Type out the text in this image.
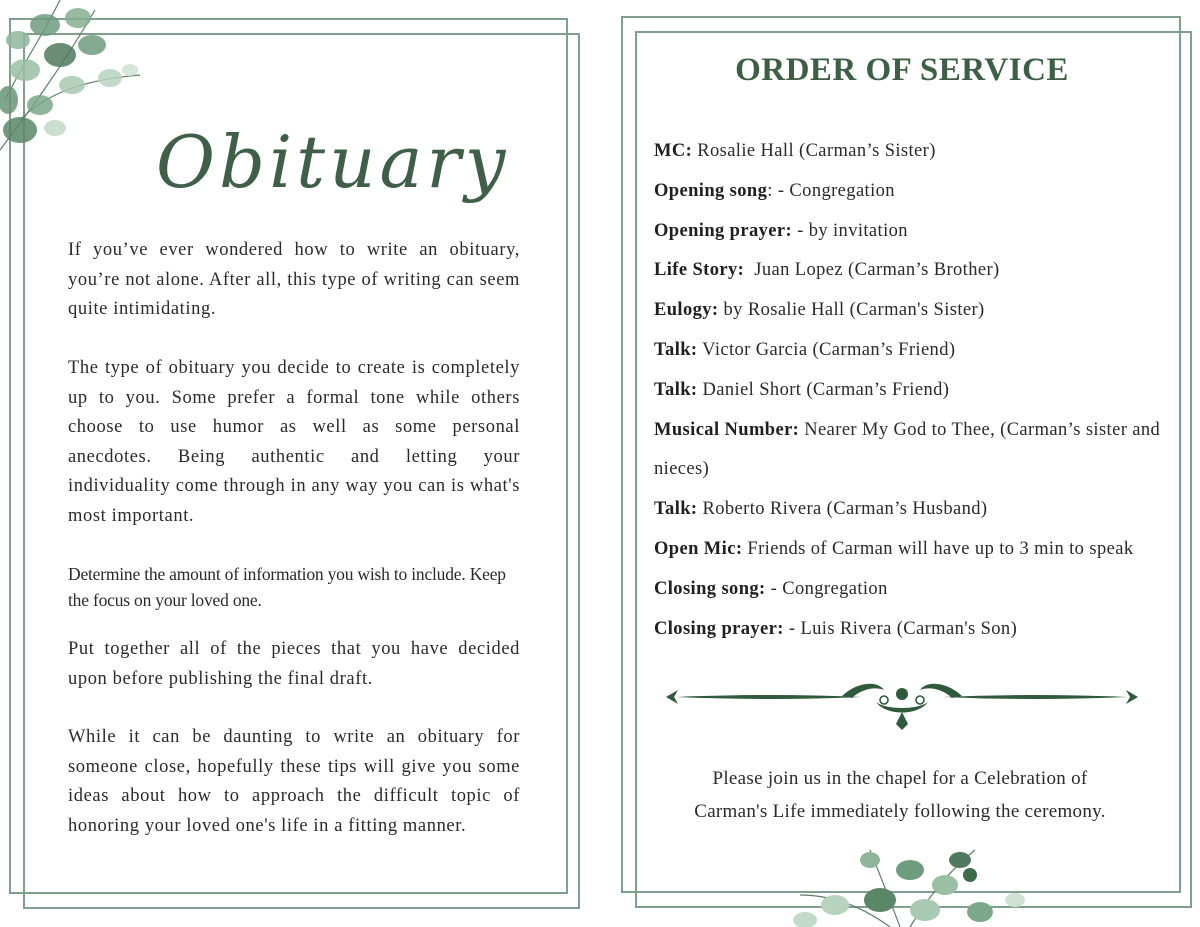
Obituary
If you’ve ever wondered how to write an obituary, you’re not alone. After all, this type of writing can seem quite intimidating.
The type of obituary you decide to create is completely up to you. Some prefer a formal tone while others choose to use humor as well as some personal anecdotes. Being authentic and letting your individuality come through in any way you can is what's most important.
Determine the amount of information you wish to include. Keep the focus on your loved one.
Put together all of the pieces that you have decided upon before publishing the final draft.
While it can be daunting to write an obituary for someone close, hopefully these tips will give you some ideas about how to approach the difficult topic of honoring your loved one's life in a fitting manner.
ORDER OF SERVICE

MC: Rosalie Hall (Carman’s Sister)

Opening song: - Congregation

Opening prayer: - by invitation

Life Story:  Juan Lopez (Carman’s Brother)

Eulogy: by Rosalie Hall (Carman's Sister)

Talk: Victor Garcia (Carman’s Friend)

Talk: Daniel Short (Carman’s Friend)

Musical Number: Nearer My God to Thee, (Carman’s sister and nieces)

Talk: Roberto Rivera (Carman’s Husband)

Open Mic: Friends of Carman will have up to 3 min to speak

Closing song: - Congregation

Closing prayer: - Luis Rivera (Carman's Son)

Please join us in the chapel for a Celebration of
Carman's Life immediately following the ceremony.
